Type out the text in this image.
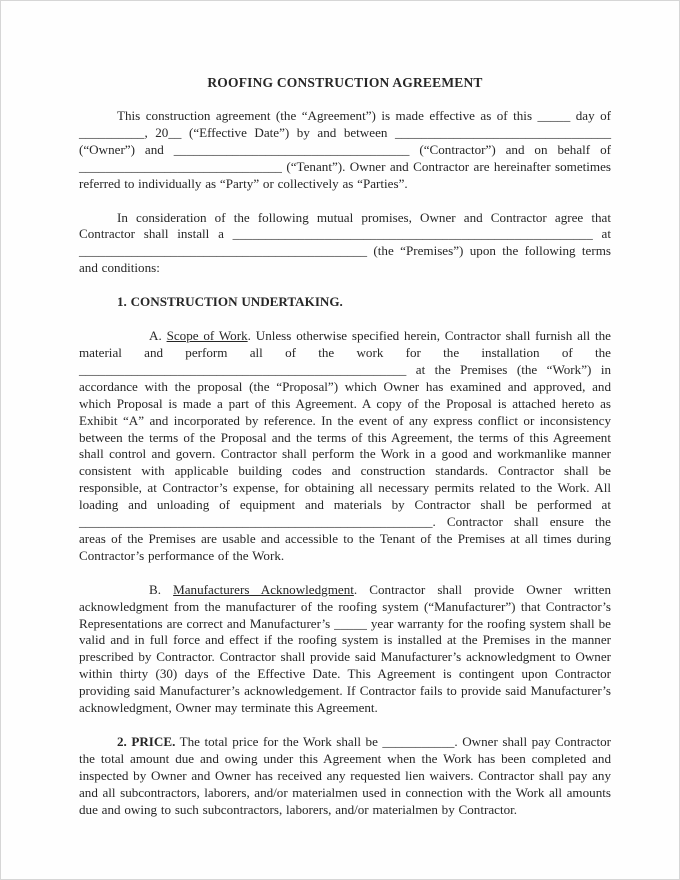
ROOFING CONSTRUCTION AGREEMENT

This construction agreement (the “Agreement”) is made effective as of this _____ day of __________, 20__ (“Effective Date”) by and between _________________________________ (“Owner”) and ____________________________________ (“Contractor”) and on behalf of _______________________________ (“Tenant”). Owner and Contractor are hereinafter sometimes referred to individually as “Party” or collectively as “Parties”.

In consideration of the following mutual promises, Owner and Contractor agree that Contractor shall install a _______________________________________________________ at ____________________________________________ (the “Premises”) upon the following terms and conditions:

1. CONSTRUCTION UNDERTAKING.

A. Scope of Work. Unless otherwise specified herein, Contractor shall furnish all the material and perform all of the work for the installation of the __________________________________________________ at the Premises (the “Work”) in accordance with the proposal (the “Proposal”) which Owner has examined and approved, and which Proposal is made a part of this Agreement. A copy of the Proposal is attached hereto as Exhibit “A” and incorporated by reference. In the event of any express conflict or inconsistency between the terms of the Proposal and the terms of this Agreement, the terms of this Agreement shall control and govern. Contractor shall perform the Work in a good and workmanlike manner consistent with applicable building codes and construction standards. Contractor shall be responsible, at Contractor’s expense, for obtaining all necessary permits related to the Work. All loading and unloading of equipment and materials by Contractor shall be performed at ______________________________________________________. Contractor shall ensure the areas of the Premises are usable and accessible to the Tenant of the Premises at all times during Contractor’s performance of the Work.

B. Manufacturers Acknowledgment. Contractor shall provide Owner written acknowledgment from the manufacturer of the roofing system (“Manufacturer”) that Contractor’s Representations are correct and Manufacturer’s _____ year warranty for the roofing system shall be valid and in full force and effect if the roofing system is installed at the Premises in the manner prescribed by Contractor. Contractor shall provide said Manufacturer’s acknowledgment to Owner within thirty (30) days of the Effective Date. This Agreement is contingent upon Contractor providing said Manufacturer’s acknowledgement. If Contractor fails to provide said Manufacturer’s acknowledgment, Owner may terminate this Agreement.

2. PRICE. The total price for the Work shall be ___________. Owner shall pay Contractor the total amount due and owing under this Agreement when the Work has been completed and inspected by Owner and Owner has received any requested lien waivers. Contractor shall pay any and all subcontractors, laborers, and/or materialmen used in connection with the Work all amounts due and owing to such subcontractors, laborers, and/or materialmen by Contractor.
